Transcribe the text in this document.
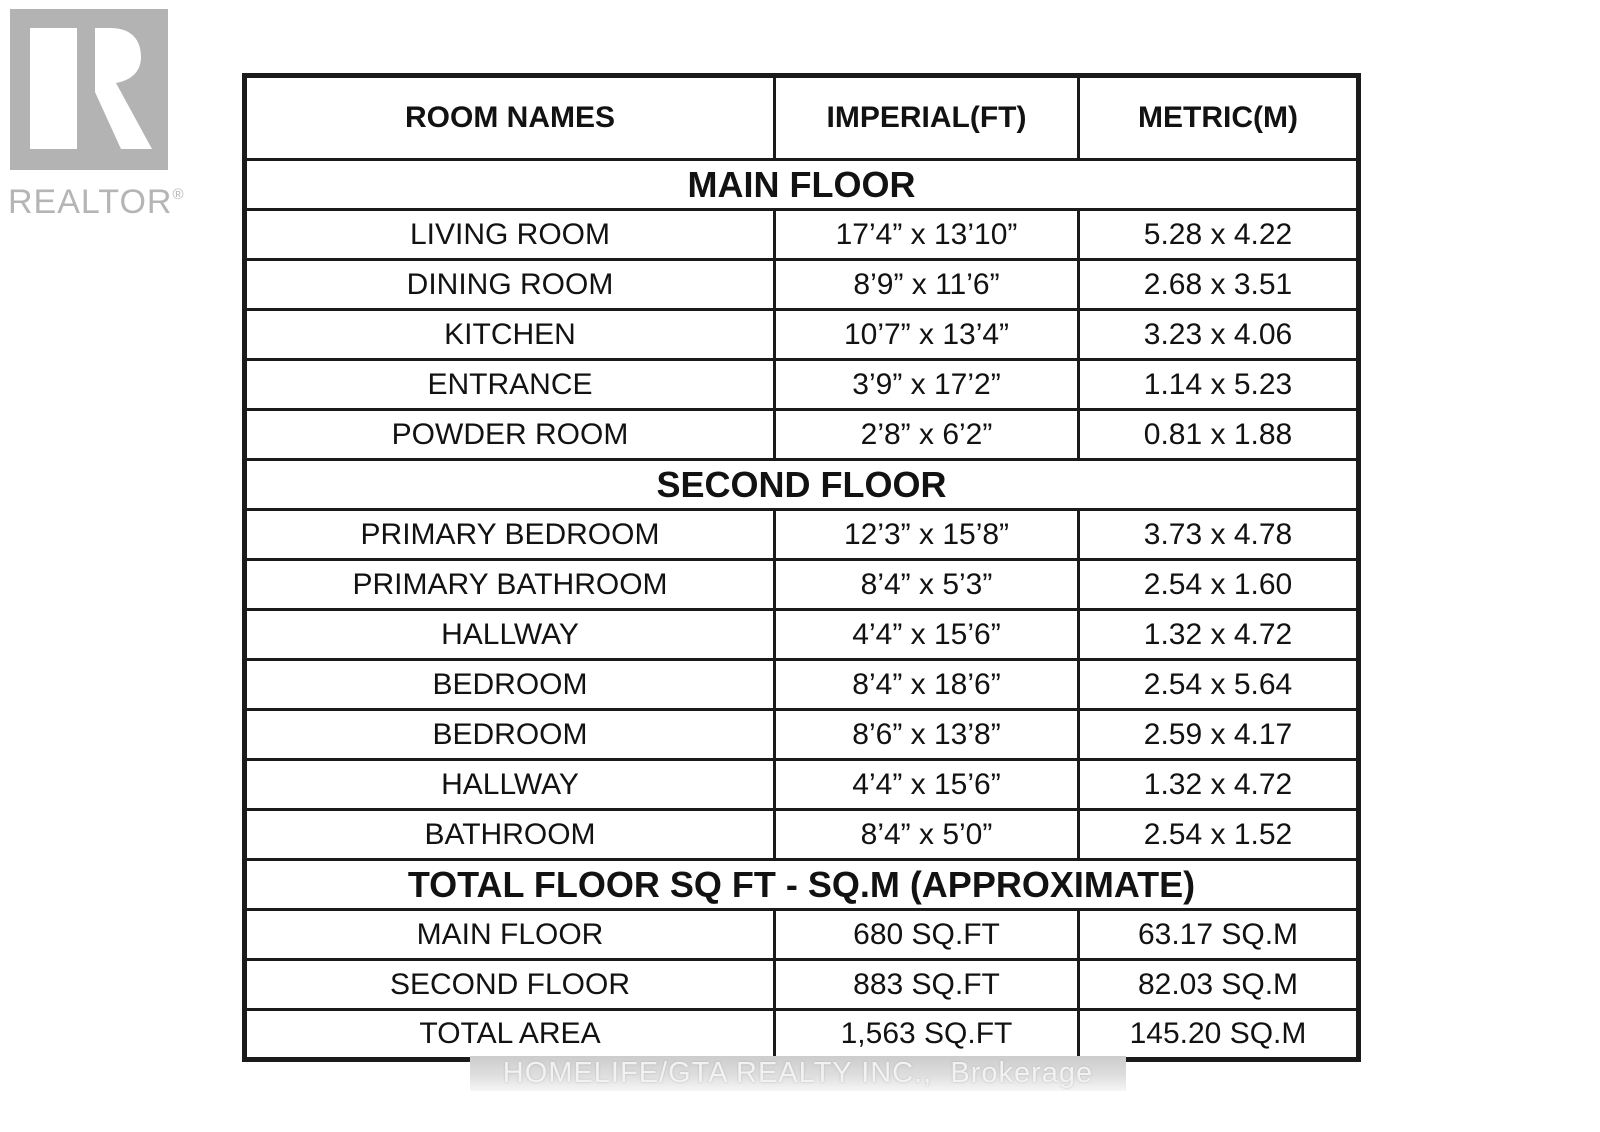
REALTOR®
ROOM NAMES	IMPERIAL(FT)	METRIC(M)
MAIN FLOOR		
LIVING ROOM	17’4” x 13’10”	5.28 x 4.22
DINING ROOM	8’9” x 11’6”	2.68 x 3.51
KITCHEN	10’7” x 13’4”	3.23 x 4.06
ENTRANCE	3’9” x 17’2”	1.14 x 5.23
POWDER ROOM	2’8” x 6’2”	0.81 x 1.88
SECOND FLOOR		
PRIMARY BEDROOM	12’3” x 15’8”	3.73 x 4.78
PRIMARY BATHROOM	8’4” x 5’3”	2.54 x 1.60
HALLWAY	4’4” x 15’6”	1.32 x 4.72
BEDROOM	8’4” x 18’6”	2.54 x 5.64
BEDROOM	8’6” x 13’8”	2.59 x 4.17
HALLWAY	4’4” x 15’6”	1.32 x 4.72
BATHROOM	8’4” x 5’0”	2.54 x 1.52
TOTAL FLOOR SQ FT - SQ.M (APPROXIMATE)		
MAIN FLOOR	680 SQ.FT	63.17 SQ.M
SECOND FLOOR	883 SQ.FT	82.03 SQ.M
TOTAL AREA	1,563 SQ.FT	145.20 SQ.M
HOMELIFE/GTA REALTY INC.,  Brokerage
